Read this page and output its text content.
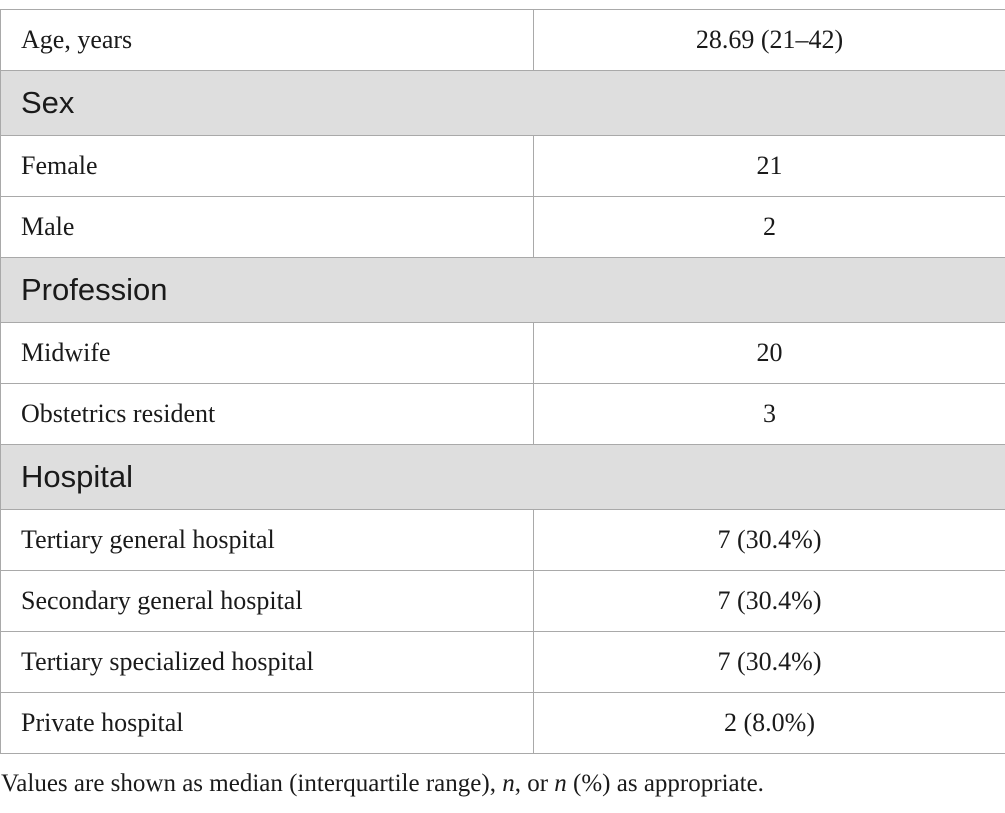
Age, years	28.69 (21–42)
Sex	
Female	21
Male	2
Profession	
Midwife	20
Obstetrics resident	3
Hospital	
Tertiary general hospital	7 (30.4%)
Secondary general hospital	7 (30.4%)
Tertiary specialized hospital	7 (30.4%)
Private hospital	2 (8.0%)
Values are shown as median (interquartile range), n, or n (%) as appropriate.
